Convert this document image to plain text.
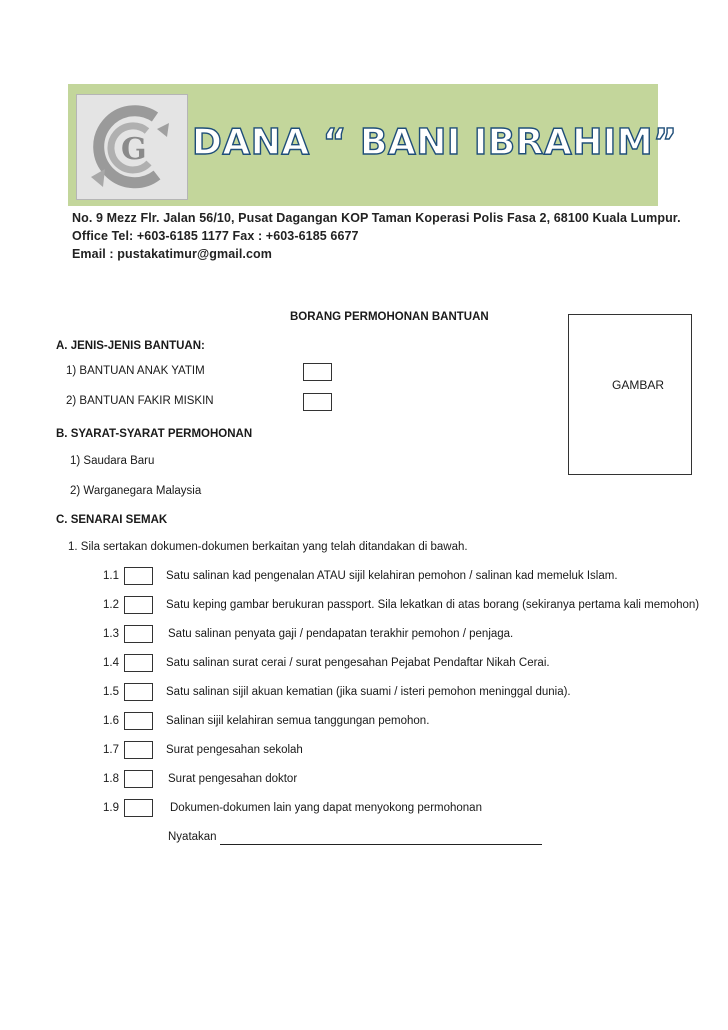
G DANA “ BANI IBRAHIM”
No. 9 Mezz Flr. Jalan 56/10, Pusat Dagangan KOP Taman Koperasi Polis Fasa 2, 68100 Kuala Lumpur.
Office Tel: +603-6185 1177 Fax : +603-6185 6677
Email : pustakatimur@gmail.com
BORANG PERMOHONAN BANTUAN
GAMBAR
A. JENIS-JENIS BANTUAN:
1) BANTUAN ANAK YATIM
2) BANTUAN FAKIR MISKIN
B. SYARAT-SYARAT PERMOHONAN
1) Saudara Baru
2) Warganegara Malaysia
C. SENARAI SEMAK
1. Sila sertakan dokumen-dokumen berkaitan yang telah ditandakan di bawah.
1.1	Satu salinan kad pengenalan ATAU sijil kelahiran pemohon / salinan kad memeluk Islam.
1.2	Satu keping gambar berukuran passport. Sila lekatkan di atas borang (sekiranya pertama kali memohon)
1.3	Satu salinan penyata gaji / pendapatan terakhir pemohon / penjaga.
1.4	Satu salinan surat cerai / surat pengesahan Pejabat Pendaftar Nikah Cerai.
1.5	Satu salinan sijil akuan kematian (jika suami / isteri pemohon meninggal dunia).
1.6	Salinan sijil kelahiran semua tanggungan pemohon.
1.7	Surat pengesahan sekolah
1.8	Surat pengesahan doktor
1.9	Dokumen-dokumen lain yang dapat menyokong permohonan
Nyatakan
